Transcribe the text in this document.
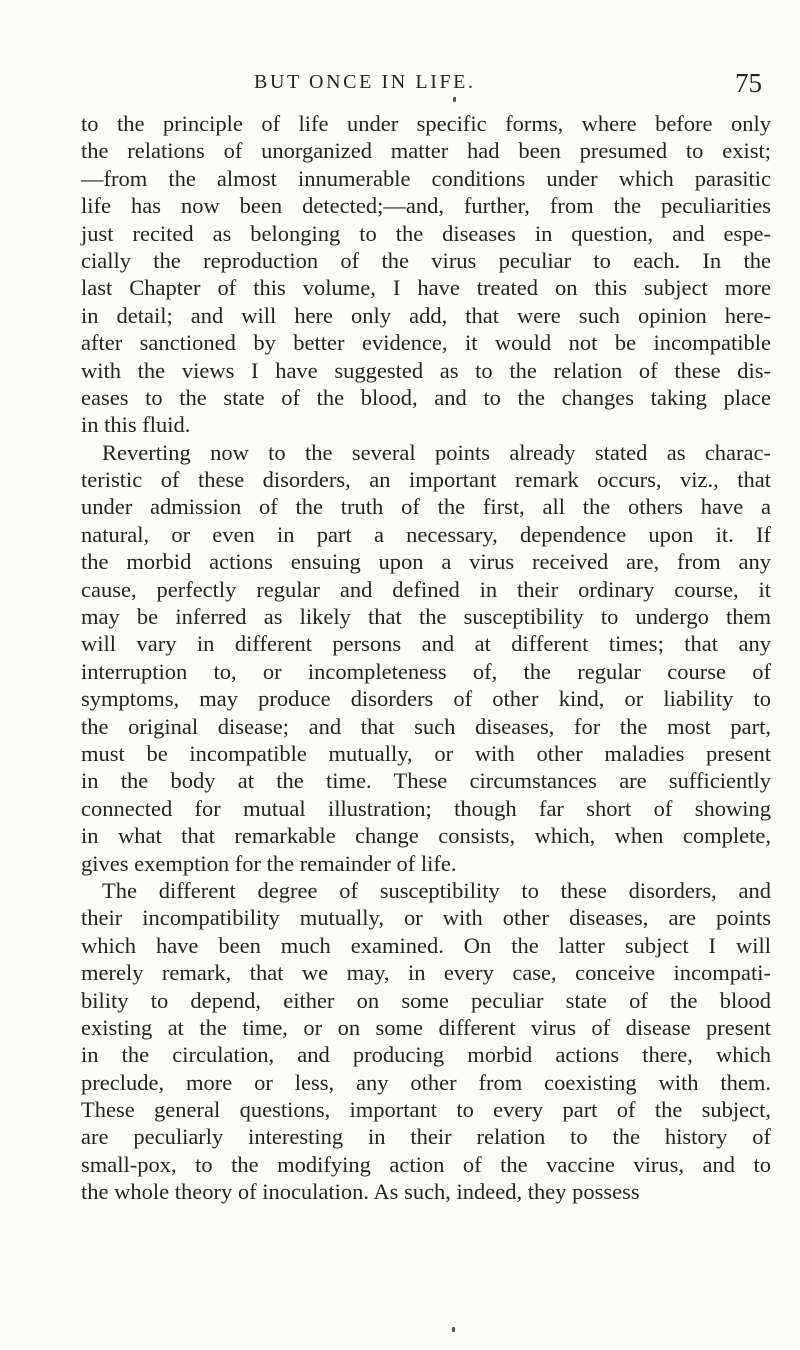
BUT ONCE IN LIFE.	75
to the principle of life under specific forms, where before only
the relations of unorganized matter had been presumed to exist;
—from the almost innumerable conditions under which parasitic
life has now been detected;—and, further, from the peculiarities
just recited as belonging to the diseases in question, and espe-
cially the reproduction of the virus peculiar to each. In the
last Chapter of this volume, I have treated on this subject more
in detail; and will here only add, that were such opinion here-
after sanctioned by better evidence, it would not be incompatible
with the views I have suggested as to the relation of these dis-
eases to the state of the blood, and to the changes taking place
in this fluid.
Reverting now to the several points already stated as charac-
teristic of these disorders, an important remark occurs, viz., that
under admission of the truth of the first, all the others have a
natural, or even in part a necessary, dependence upon it. If
the morbid actions ensuing upon a virus received are, from any
cause, perfectly regular and defined in their ordinary course, it
may be inferred as likely that the susceptibility to undergo them
will vary in different persons and at different times; that any
interruption to, or incompleteness of, the regular course of
symptoms, may produce disorders of other kind, or liability to
the original disease; and that such diseases, for the most part,
must be incompatible mutually, or with other maladies present
in the body at the time. These circumstances are sufficiently
connected for mutual illustration; though far short of showing
in what that remarkable change consists, which, when complete,
gives exemption for the remainder of life.
The different degree of susceptibility to these disorders, and
their incompatibility mutually, or with other diseases, are points
which have been much examined. On the latter subject I will
merely remark, that we may, in every case, conceive incompati-
bility to depend, either on some peculiar state of the blood
existing at the time, or on some different virus of disease present
in the circulation, and producing morbid actions there, which
preclude, more or less, any other from coexisting with them.
These general questions, important to every part of the subject,
are peculiarly interesting in their relation to the history of
small-pox, to the modifying action of the vaccine virus, and to
the whole theory of inoculation. As such, indeed, they possess
